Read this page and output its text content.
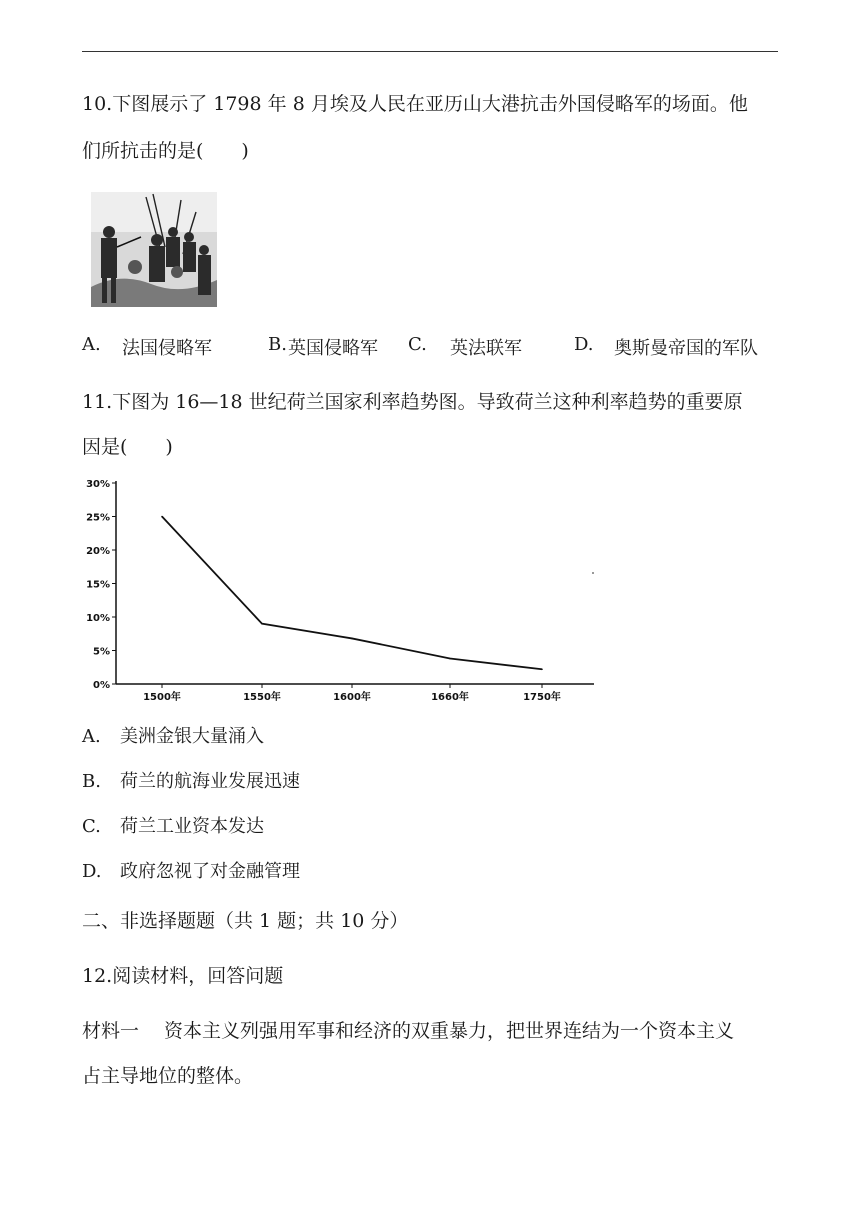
10.下图展示了 1798 年 8 月埃及人民在亚历山大港抗击外国侵略军的场面。他
们所抗击的是(　　)
A. 法国侵略军	B. 英国侵略军 C. 英法联军	D. 奥斯曼帝国的军队
11.下图为 16—18 世纪荷兰国家利率趋势图。导致荷兰这种利率趋势的重要原
因是(　　)
0%
5%
10%
15%
20%
25%
30%
1500年	1550年	1600年	1660年	1750年
A. 美洲金银大量涌入
B. 荷兰的航海业发展迅速
C. 荷兰工业资本发达
D. 政府忽视了对金融管理
二、非选择题题（共 1 题；共 10 分）
12.阅读材料，回答问题
材料一　 资本主义列强用军事和经济的双重暴力，把世界连结为一个资本主义
占主导地位的整体。
